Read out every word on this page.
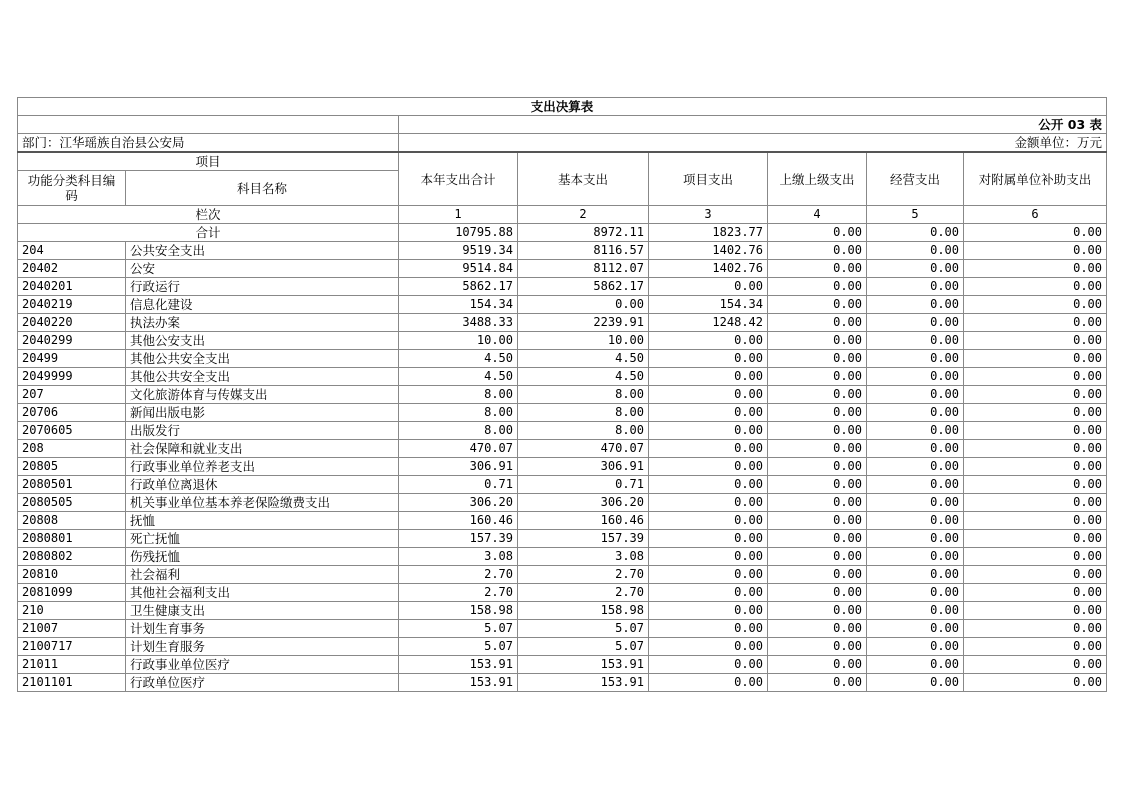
支出决算表							
		公开 03 表					
部门：江华瑶族自治县公安局		金额单位：万元					
项目		本年支出合计	基本支出	项目支出	上缴上级支出	经营支出	对附属单位补助支出
功能分类科目编码	科目名称						
栏次		1	2	3	4	5	6
合计		10795.88	8972.11	1823.77	0.00	0.00	0.00
204	公共安全支出	9519.34	8116.57	1402.76	0.00	0.00	0.00
20402	公安	9514.84	8112.07	1402.76	0.00	0.00	0.00
2040201	行政运行	5862.17	5862.17	0.00	0.00	0.00	0.00
2040219	信息化建设	154.34	0.00	154.34	0.00	0.00	0.00
2040220	执法办案	3488.33	2239.91	1248.42	0.00	0.00	0.00
2040299	其他公安支出	10.00	10.00	0.00	0.00	0.00	0.00
20499	其他公共安全支出	4.50	4.50	0.00	0.00	0.00	0.00
2049999	其他公共安全支出	4.50	4.50	0.00	0.00	0.00	0.00
207	文化旅游体育与传媒支出	8.00	8.00	0.00	0.00	0.00	0.00
20706	新闻出版电影	8.00	8.00	0.00	0.00	0.00	0.00
2070605	出版发行	8.00	8.00	0.00	0.00	0.00	0.00
208	社会保障和就业支出	470.07	470.07	0.00	0.00	0.00	0.00
20805	行政事业单位养老支出	306.91	306.91	0.00	0.00	0.00	0.00
2080501	行政单位离退休	0.71	0.71	0.00	0.00	0.00	0.00
2080505	机关事业单位基本养老保险缴费支出	306.20	306.20	0.00	0.00	0.00	0.00
20808	抚恤	160.46	160.46	0.00	0.00	0.00	0.00
2080801	死亡抚恤	157.39	157.39	0.00	0.00	0.00	0.00
2080802	伤残抚恤	3.08	3.08	0.00	0.00	0.00	0.00
20810	社会福利	2.70	2.70	0.00	0.00	0.00	0.00
2081099	其他社会福利支出	2.70	2.70	0.00	0.00	0.00	0.00
210	卫生健康支出	158.98	158.98	0.00	0.00	0.00	0.00
21007	计划生育事务	5.07	5.07	0.00	0.00	0.00	0.00
2100717	计划生育服务	5.07	5.07	0.00	0.00	0.00	0.00
21011	行政事业单位医疗	153.91	153.91	0.00	0.00	0.00	0.00
2101101	行政单位医疗	153.91	153.91	0.00	0.00	0.00	0.00
